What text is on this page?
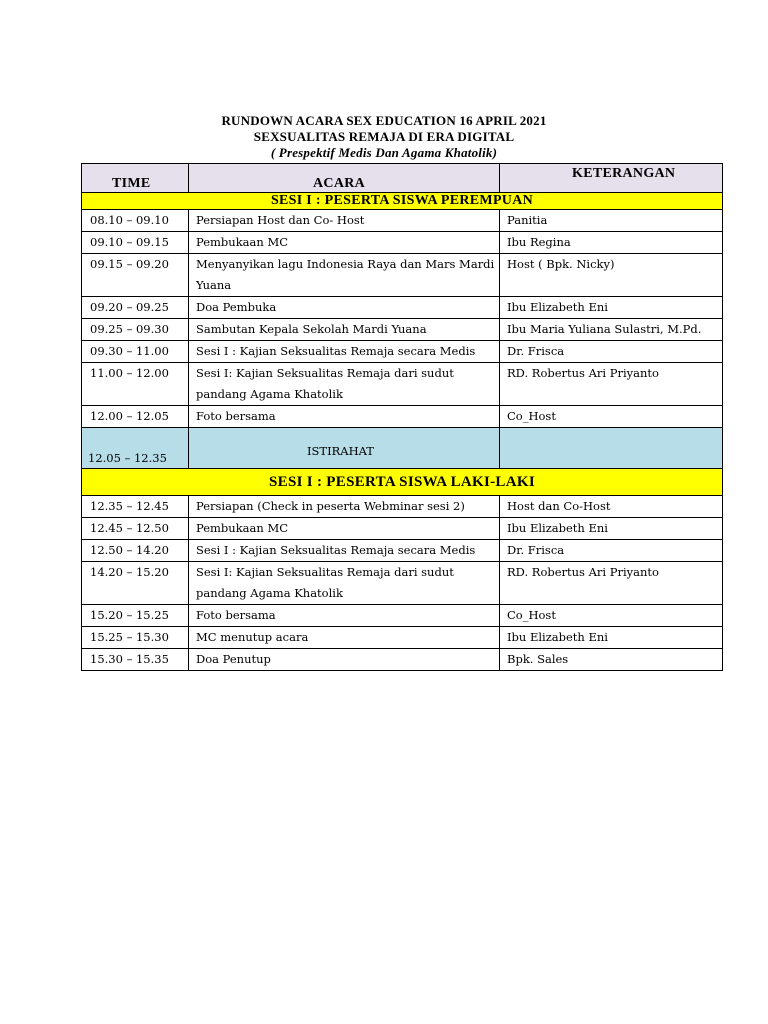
RUNDOWN ACARA SEX EDUCATION 16 APRIL 2021
SEXSUALITAS REMAJA DI ERA DIGITAL
( Prespektif Medis Dan Agama Khatolik)
TIME	ACARA	KETERANGAN

SESI I : PESERTA SISWA PEREMPUAN		
08.10 – 09.10	Persiapan Host dan Co- Host	Panitia
09.10 – 09.15	Pembukaan MC	Ibu Regina
09.15 – 09.20	Menyanyikan lagu Indonesia Raya dan Mars Mardi Yuana	Host ( Bpk. Nicky)
09.20 – 09.25	Doa Pembuka	Ibu Elizabeth Eni
09.25 – 09.30	Sambutan Kepala Sekolah Mardi Yuana	Ibu Maria Yuliana Sulastri, M.Pd.
09.30 – 11.00	Sesi I : Kajian Seksualitas Remaja secara Medis	Dr. Frisca
11.00 – 12.00	Sesi I: Kajian Seksualitas Remaja dari sudut pandang Agama Khatolik	RD. Robertus Ari Priyanto
12.00 – 12.05	Foto bersama	Co_Host

12.05 – 12.35	ISTIRAHAT	

SESI I : PESERTA SISWA LAKI-LAKI		
12.35 – 12.45	Persiapan (Check in peserta Webminar sesi 2)	Host dan Co-Host
12.45 – 12.50	Pembukaan MC	Ibu Elizabeth Eni
12.50 – 14.20	Sesi I : Kajian Seksualitas Remaja secara Medis	Dr. Frisca
14.20 – 15.20	Sesi I: Kajian Seksualitas Remaja dari sudut pandang Agama Khatolik	RD. Robertus Ari Priyanto
15.20 – 15.25	Foto bersama	Co_Host
15.25 – 15.30	MC menutup acara	Ibu Elizabeth Eni
15.30 – 15.35	Doa Penutup	Bpk. Sales
